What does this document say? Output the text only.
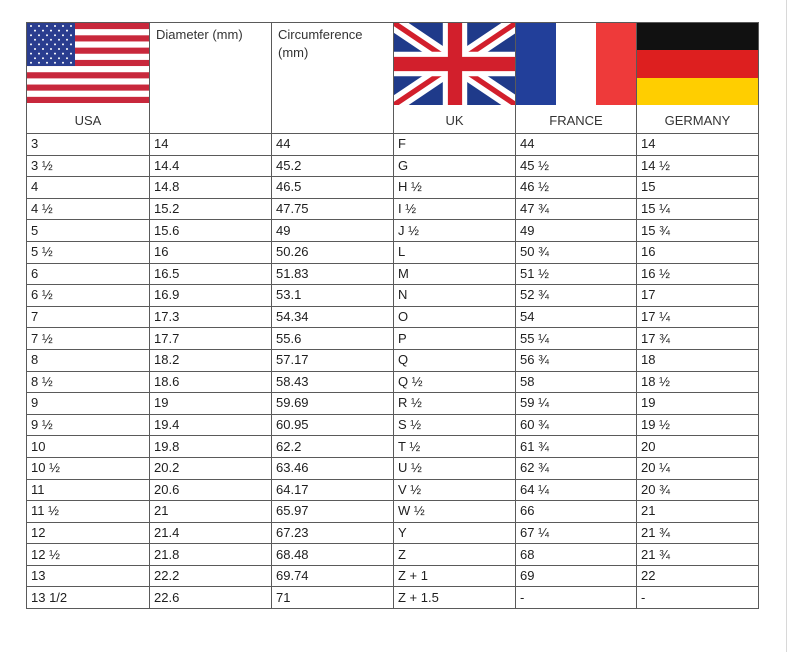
USA	Diameter (mm)	Circumference (mm)	UK	FRANCE	GERMANY

3	14	44	F	44	14
3 ½	14.4	45.2	G	45 ½	14 ½
4	14.8	46.5	H ½	46 ½	15
4 ½	15.2	47.75	I ½	47 ¾	15 ¼
5	15.6	49	J ½	49	15 ¾
5 ½	16	50.26	L	50 ¾	16
6	16.5	51.83	M	51 ½	16 ½
6 ½	16.9	53.1	N	52 ¾	17
7	17.3	54.34	O	54	17 ¼
7 ½	17.7	55.6	P	55 ¼	17 ¾
8	18.2	57.17	Q	56 ¾	18
8 ½	18.6	58.43	Q ½	58	18 ½
9	19	59.69	R ½	59 ¼	19
9 ½	19.4	60.95	S ½	60 ¾	19 ½
10	19.8	62.2	T ½	61 ¾	20
10 ½	20.2	63.46	U ½	62 ¾	20 ¼
11	20.6	64.17	V ½	64 ¼	20 ¾
11 ½	21	65.97	W ½	66	21
12	21.4	67.23	Y	67 ¼	21 ¾
12 ½	21.8	68.48	Z	68	21 ¾
13	22.2	69.74	Z + 1	69	22
13 1/2	22.6	71	Z + 1.5	-	-
